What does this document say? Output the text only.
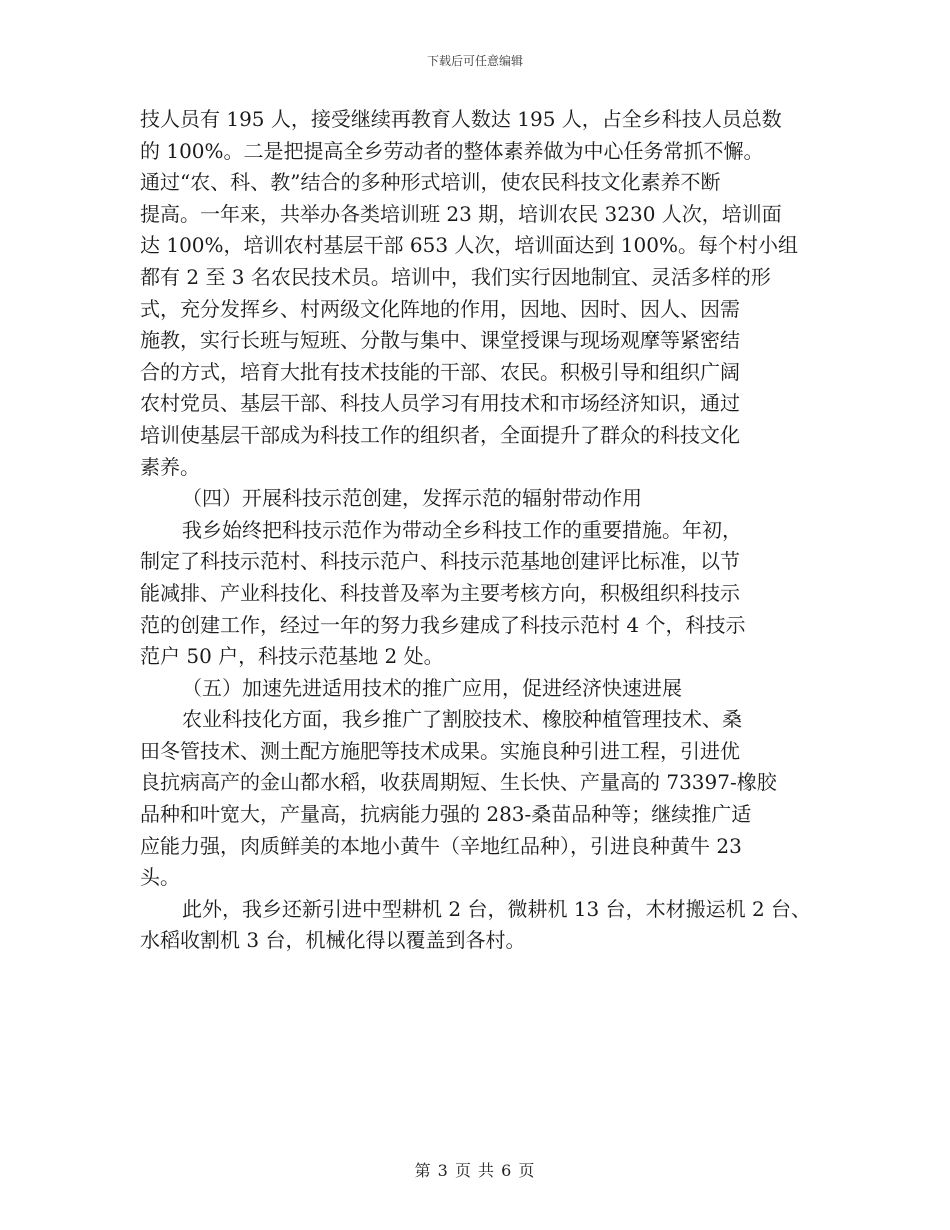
下载后可任意编辑
技人员有 195 人，接受继续再教育人数达 195 人，占全乡科技人员总数
的 100%。二是把提高全乡劳动者的整体素养做为中心任务常抓不懈。
通过“农、科、教”结合的多种形式培训，使农民科技文化素养不断
提高。一年来，共举办各类培训班 23 期，培训农民 3230 人次，培训面
达 100%，培训农村基层干部 653 人次，培训面达到 100%。每个村小组
都有 2 至 3 名农民技术员。培训中，我们实行因地制宜、灵活多样的形
式，充分发挥乡、村两级文化阵地的作用，因地、因时、因人、因需
施教，实行长班与短班、分散与集中、课堂授课与现场观摩等紧密结
合的方式，培育大批有技术技能的干部、农民。积极引导和组织广阔
农村党员、基层干部、科技人员学习有用技术和市场经济知识，通过
培训使基层干部成为科技工作的组织者，全面提升了群众的科技文化
素养。
（四）开展科技示范创建，发挥示范的辐射带动作用
我乡始终把科技示范作为带动全乡科技工作的重要措施。年初，
制定了科技示范村、科技示范户、科技示范基地创建评比标准，以节
能减排、产业科技化、科技普及率为主要考核方向，积极组织科技示
范的创建工作，经过一年的努力我乡建成了科技示范村 4 个，科技示
范户 50 户，科技示范基地 2 处。
（五）加速先进适用技术的推广应用，促进经济快速进展
农业科技化方面，我乡推广了割胶技术、橡胶种植管理技术、桑
田冬管技术、测土配方施肥等技术成果。实施良种引进工程，引进优
良抗病高产的金山都水稻，收获周期短、生长快、产量高的 73397-橡胶
品种和叶宽大，产量高，抗病能力强的 283-桑苗品种等；继续推广适
应能力强，肉质鲜美的本地小黄牛（辛地红品种），引进良种黄牛 23
头。
此外，我乡还新引进中型耕机 2 台，微耕机 13 台，木材搬运机 2 台、
水稻收割机 3 台，机械化得以覆盖到各村。
第 3 页 共 6 页
